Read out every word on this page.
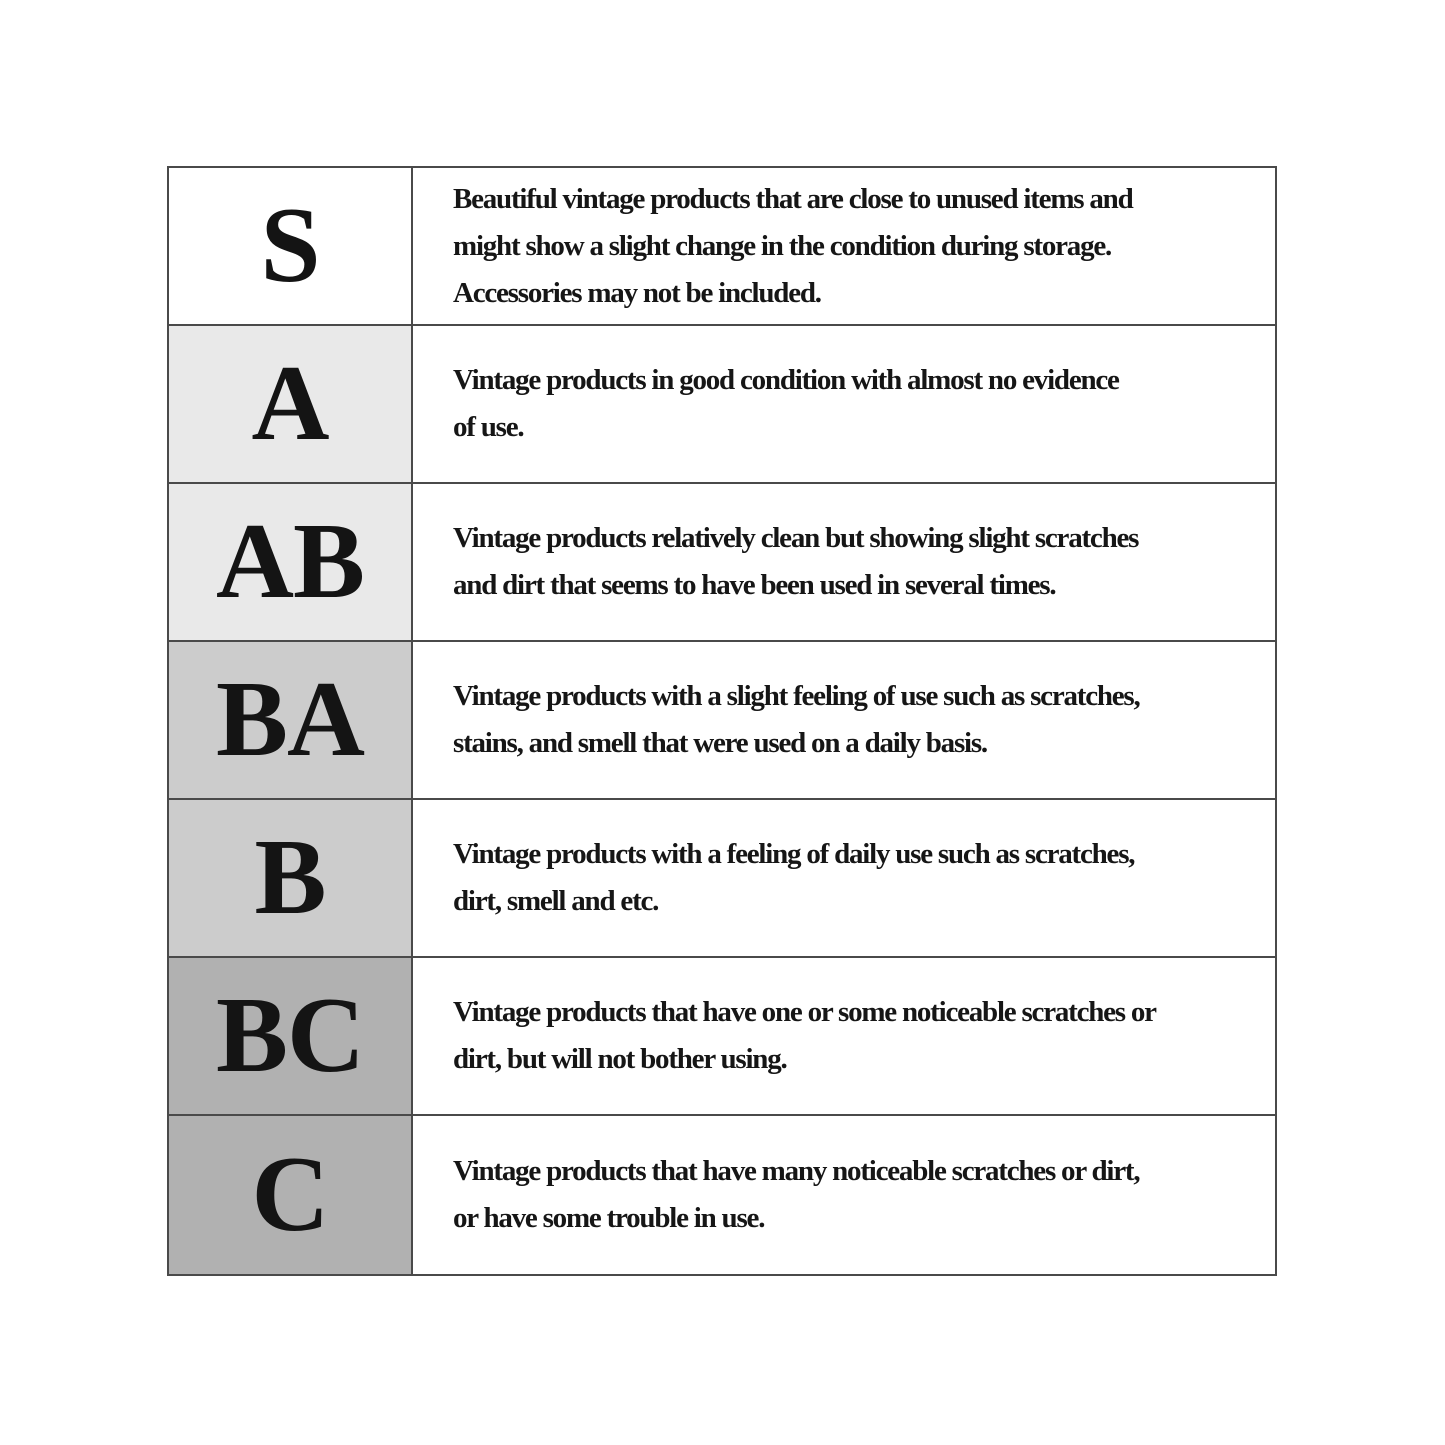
S	Beautiful vintage products that are close to unused items and
might show a slight change in the condition during storage.
Accessories may not be included.
A	Vintage products in good condition with almost no evidence
of use.
AB	Vintage products relatively clean but showing slight scratches
and dirt that seems to have been used in several times.
BA	Vintage products with a slight feeling of use such as scratches,
stains, and smell that were used on a daily basis.
B	Vintage products with a feeling of daily use such as scratches,
dirt, smell and etc.
BC	Vintage products that have one or some noticeable scratches or
dirt, but will not bother using.
C	Vintage products that have many noticeable scratches or dirt,
or have some trouble in use.
